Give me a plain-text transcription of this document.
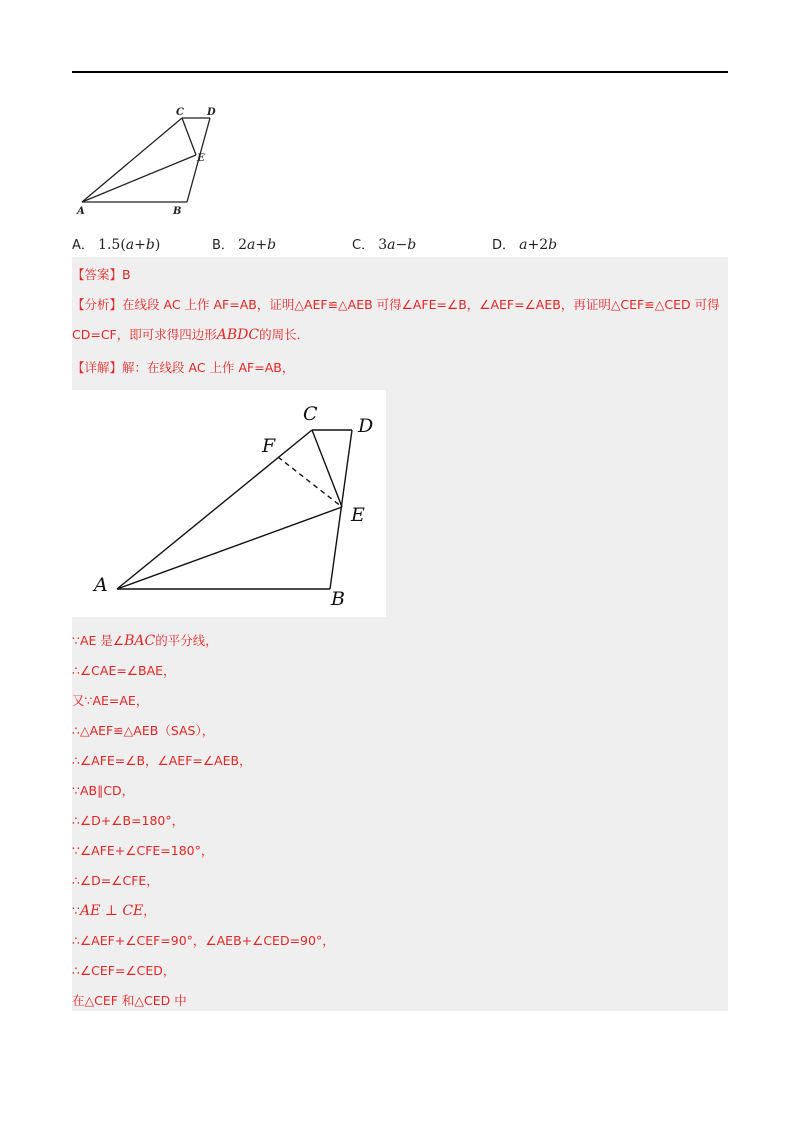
A	B
C D
E
A． 1.5(a+b)	B． 2a+b	C． 3a−b	D． a+2b
【答案】B
【分析】在线段 AC 上作 AF=AB，证明△AEF≌△AEB 可得∠AFE=∠B，∠AEF=∠AEB，再证明△CEF≌△CED 可得
CD=CF，即可求得四边形ABDC的周长．
【详解】解：在线段 AC 上作 AF=AB，
A
B
C
D
E
F
∵AE 是∠BAC的平分线，
∴∠CAE=∠BAE，
又∵AE=AE，
∴△AEF≌△AEB（SAS），
∴∠AFE=∠B，∠AEF=∠AEB，
∵AB∥CD，
∴∠D+∠B=180°，
∵∠AFE+∠CFE=180°，
∴∠D=∠CFE，
∵AE ⊥ CE，
∴∠AEF+∠CEF=90°，∠AEB+∠CED=90°，
∴∠CEF=∠CED，
在△CEF 和△CED 中
